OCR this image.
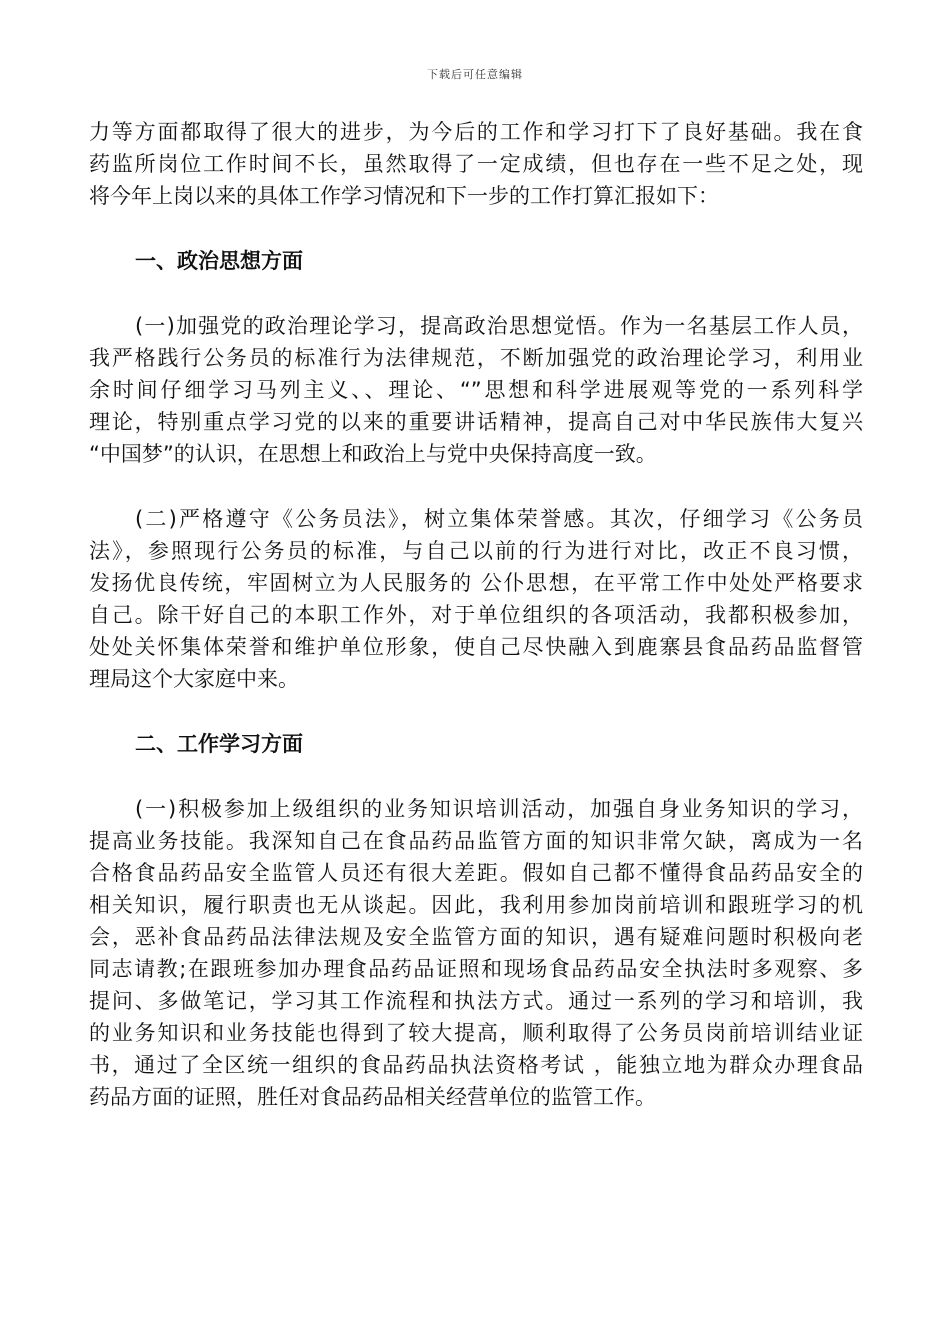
下载后可任意编辑
力等方面都取得了很大的进步，为今后的工作和学习打下了良好基础。我在食
药监所岗位工作时间不长，虽然取得了一定成绩，但也存在一些不足之处，现
将今年上岗以来的具体工作学习情况和下一步的工作打算汇报如下：
一、政治思想方面
(一)加强党的政治理论学习，提高政治思想觉悟。作为一名基层工作人员，
我严格践行公务员的标准行为法律规范，不断加强党的政治理论学习，利用业
余时间仔细学习马列主义、、理论、“”思想和科学进展观等党的一系列科学
理论，特别重点学习党的以来的重要讲话精神，提高自己对中华民族伟大复兴
“中国梦”的认识，在思想上和政治上与党中央保持高度一致。
(二)严格遵守《公务员法》，树立集体荣誉感。其次，仔细学习《公务员
法》，参照现行公务员的标准，与自己以前的行为进行对比，改正不良习惯，
发扬优良传统，牢固树立为人民服务的 公仆思想，在平常工作中处处严格要求
自己。除干好自己的本职工作外，对于单位组织的各项活动，我都积极参加，
处处关怀集体荣誉和维护单位形象，使自己尽快融入到鹿寨县食品药品监督管
理局这个大家庭中来。
二、工作学习方面
(一)积极参加上级组织的业务知识培训活动，加强自身业务知识的学习，
提高业务技能。我深知自己在食品药品监管方面的知识非常欠缺，离成为一名
合格食品药品安全监管人员还有很大差距。假如自己都不懂得食品药品安全的
相关知识，履行职责也无从谈起。因此，我利用参加岗前培训和跟班学习的机
会，恶补食品药品法律法规及安全监管方面的知识，遇有疑难问题时积极向老
同志请教;在跟班参加办理食品药品证照和现场食品药品安全执法时多观察、多
提问、多做笔记，学习其工作流程和执法方式。通过一系列的学习和培训，我
的业务知识和业务技能也得到了较大提高，顺利取得了公务员岗前培训结业证
书，通过了全区统一组织的食品药品执法资格考试 ，能独立地为群众办理食品
药品方面的证照，胜任对食品药品相关经营单位的监管工作。
